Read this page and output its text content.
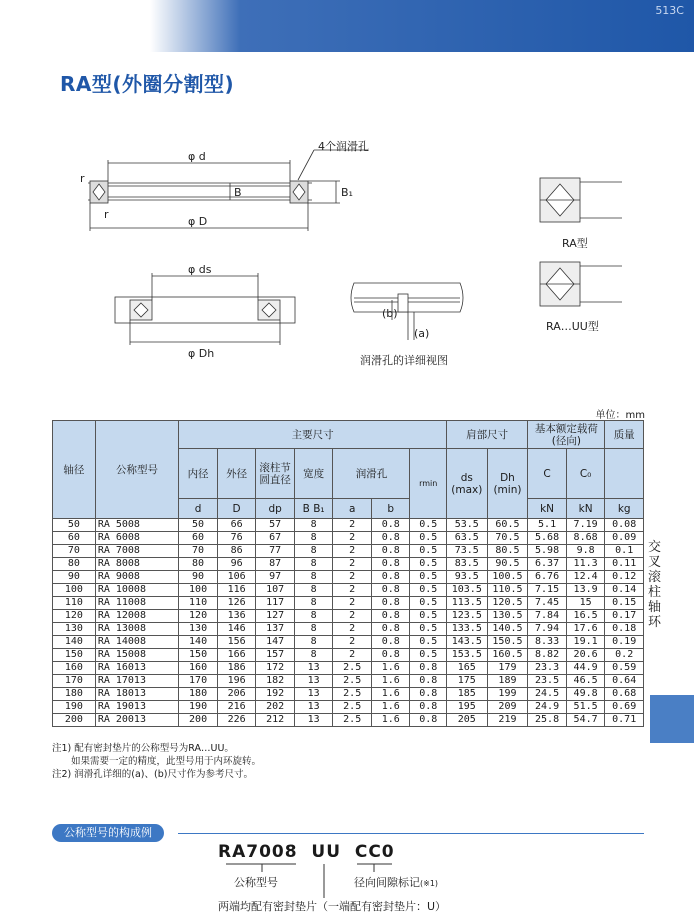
513C
RA型(外圈分割型)
4个润滑孔
φ d
φ D
B	B₁
r
r
φ ds
φ Dh
(b)
(a)
润滑孔的详细视图
RA型
RA…UU型
单位：mm
轴径	公称型号	主要尺寸							肩部尺寸		基本额定载荷(径向)		质量
		内径	外径	滚柱节圆直径	宽度	润滑孔		rmin	ds (max)	Dh (min)	C	C₀	
		d	D	dp	B B₁	a	b				kN	kN	kg
50	RA 5008	50	66	57	8	2	0.8	0.5	53.5	60.5	5.1	7.19	0.08
60	RA 6008	60	76	67	8	2	0.8	0.5	63.5	70.5	5.68	8.68	0.09
70	RA 7008	70	86	77	8	2	0.8	0.5	73.5	80.5	5.98	9.8	0.1
80	RA 8008	80	96	87	8	2	0.8	0.5	83.5	90.5	6.37	11.3	0.11
90	RA 9008	90	106	97	8	2	0.8	0.5	93.5	100.5	6.76	12.4	0.12
100	RA 10008	100	116	107	8	2	0.8	0.5	103.5	110.5	7.15	13.9	0.14
110	RA 11008	110	126	117	8	2	0.8	0.5	113.5	120.5	7.45	15	0.15
120	RA 12008	120	136	127	8	2	0.8	0.5	123.5	130.5	7.84	16.5	0.17
130	RA 13008	130	146	137	8	2	0.8	0.5	133.5	140.5	7.94	17.6	0.18
140	RA 14008	140	156	147	8	2	0.8	0.5	143.5	150.5	8.33	19.1	0.19
150	RA 15008	150	166	157	8	2	0.8	0.5	153.5	160.5	8.82	20.6	0.2
160	RA 16013	160	186	172	13	2.5	1.6	0.8	165	179	23.3	44.9	0.59
170	RA 17013	170	196	182	13	2.5	1.6	0.8	175	189	23.5	46.5	0.64
180	RA 18013	180	206	192	13	2.5	1.6	0.8	185	199	24.5	49.8	0.68
190	RA 19013	190	216	202	13	2.5	1.6	0.8	195	209	24.9	51.5	0.69
200	RA 20013	200	226	212	13	2.5	1.6	0.8	205	219	25.8	54.7	0.71
交叉滚柱轴环
注1) 配有密封垫片的公称型号为RA…UU。
　　如果需要一定的精度，此型号用于内环旋转。
注2) 润滑孔详细的(a)、(b)尺寸作为参考尺寸。
公称型号的构成例
RA7008 UU CC0
公称型号	径向间隙标记(※1)
两端均配有密封垫片（一端配有密封垫片：U）
